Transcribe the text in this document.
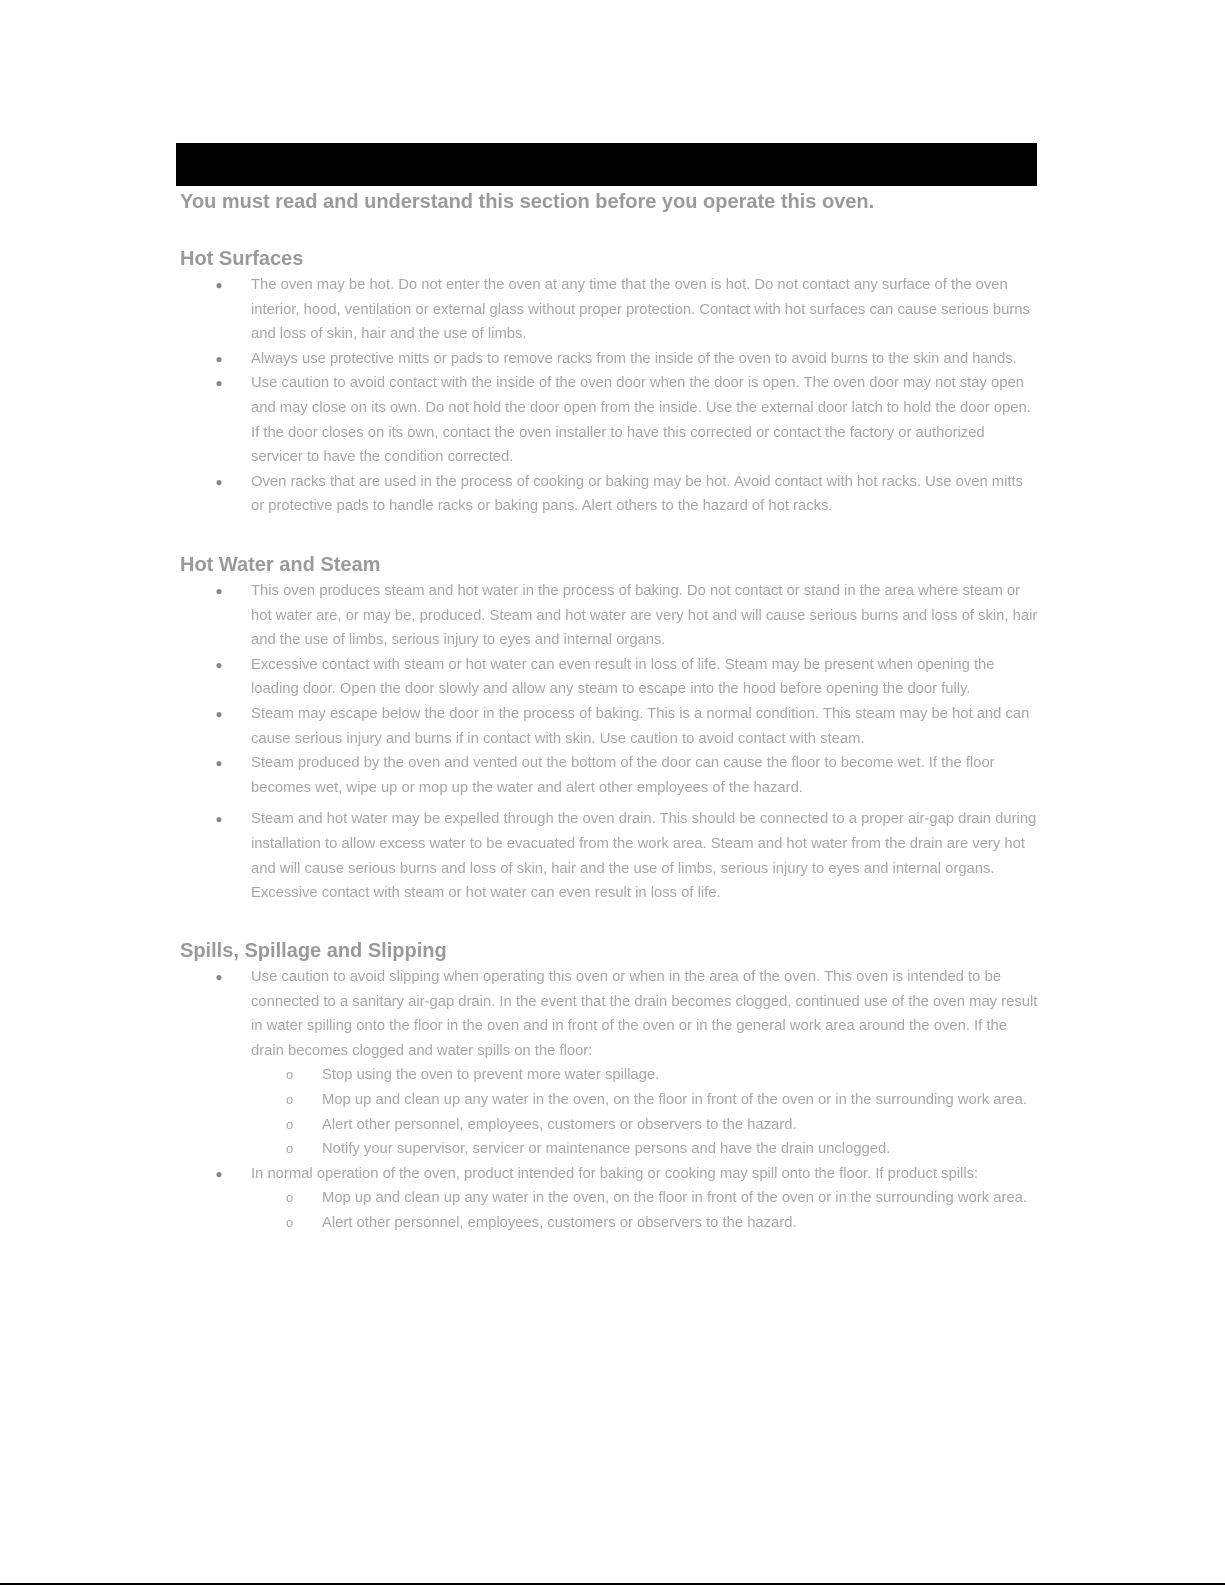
You must read and understand this section before you operate this oven.
Hot Surfaces
● The oven may be hot. Do not enter the oven at any time that the oven is hot. Do not contact any surface of the oven interior, hood, ventilation or external glass without proper protection. Contact with hot surfaces can cause serious burns and loss of skin, hair and the use of limbs.
● Always use protective mitts or pads to remove racks from the inside of the oven to avoid burns to the skin and hands.
● Use caution to avoid contact with the inside of the oven door when the door is open. The oven door may not stay open and may close on its own. Do not hold the door open from the inside. Use the external door latch to hold the door open. If the door closes on its own, contact the oven installer to have this corrected or contact the factory or authorized servicer to have the condition corrected.
● Oven racks that are used in the process of cooking or baking may be hot. Avoid contact with hot racks. Use oven mitts or protective pads to handle racks or baking pans. Alert others to the hazard of hot racks.
Hot Water and Steam
● This oven produces steam and hot water in the process of baking. Do not contact or stand in the area where steam or hot water are, or may be, produced. Steam and hot water are very hot and will cause serious burns and loss of skin, hair and the use of limbs, serious injury to eyes and internal organs.
● Excessive contact with steam or hot water can even result in loss of life. Steam may be present when opening the loading door. Open the door slowly and allow any steam to escape into the hood before opening the door fully.
● Steam may escape below the door in the process of baking. This is a normal condition. This steam may be hot and can cause serious injury and burns if in contact with skin. Use caution to avoid contact with steam.
● Steam produced by the oven and vented out the bottom of the door can cause the floor to become wet. If the floor becomes wet, wipe up or mop up the water and alert other employees of the hazard.
● Steam and hot water may be expelled through the oven drain. This should be connected to a proper air-gap drain during installation to allow excess water to be evacuated from the work area. Steam and hot water from the drain are very hot and will cause serious burns and loss of skin, hair and the use of limbs, serious injury to eyes and internal organs. Excessive contact with steam or hot water can even result in loss of life.
Spills, Spillage and Slipping
● Use caution to avoid slipping when operating this oven or when in the area of the oven. This oven is intended to be connected to a sanitary air-gap drain. In the event that the drain becomes clogged, continued use of the oven may result in water spilling onto the floor in the oven and in front of the oven or in the general work area around the oven. If the drain becomes clogged and water spills on the floor:
o Stop using the oven to prevent more water spillage.
o Mop up and clean up any water in the oven, on the floor in front of the oven or in the surrounding work area.
o Alert other personnel, employees, customers or observers to the hazard.
o Notify your supervisor, servicer or maintenance persons and have the drain unclogged.
● In normal operation of the oven, product intended for baking or cooking may spill onto the floor. If product spills:
o Mop up and clean up any water in the oven, on the floor in front of the oven or in the surrounding work area.
o Alert other personnel, employees, customers or observers to the hazard.
